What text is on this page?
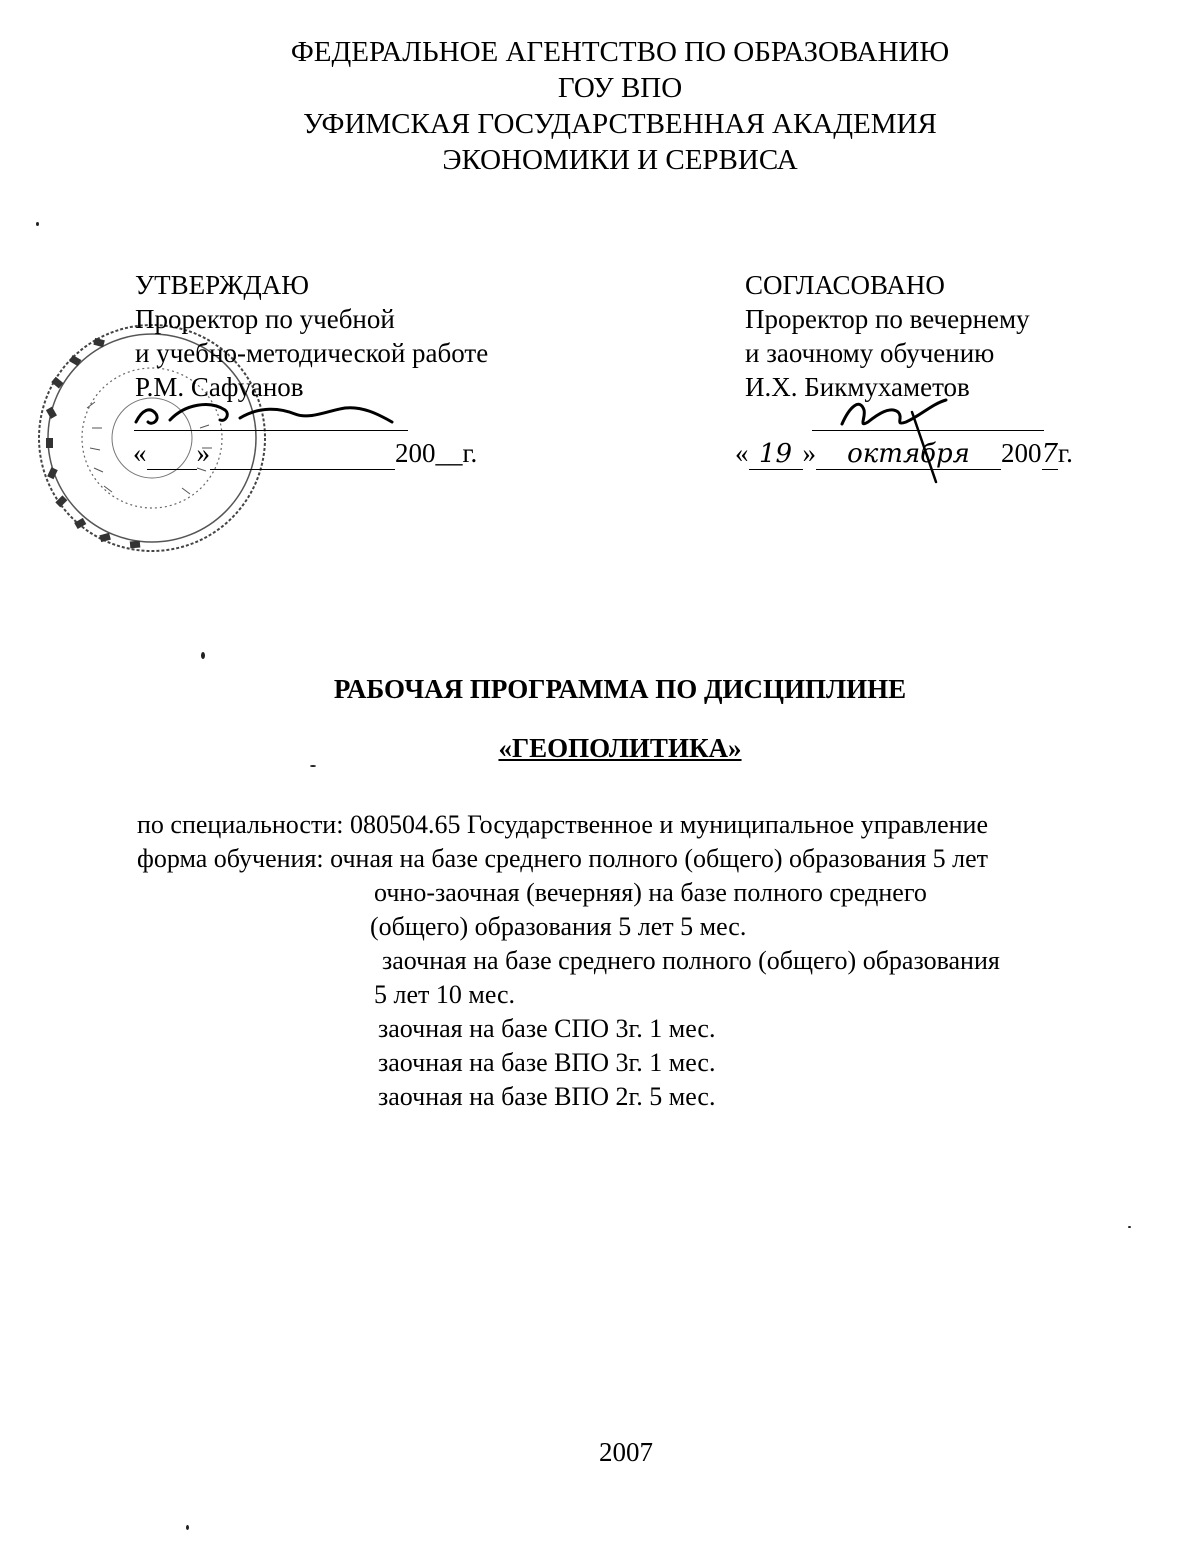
ФЕДЕРАЛЬНОЕ АГЕНТСТВО ПО ОБРАЗОВАНИЮ
ГОУ ВПО
УФИМСКАЯ ГОСУДАРСТВЕННАЯ АКАДЕМИЯ
ЭКОНОМИКИ И СЕРВИСА
УТВЕРЖДАЮ
Проректор по учебной
и учебно-методической работе
Р.М. Сафуанов
« »	200__г.
СОГЛАСОВАНО
Проректор по вечернему
и заочному обучению
И.Х. Бикмухаметов
« 19 » октября 2007г.
РАБОЧАЯ ПРОГРАММА ПО ДИСЦИПЛИНЕ
«ГЕОПОЛИТИКА»
по специальности: 080504.65 Государственное и муниципальное управление
форма обучения: очная на базе среднего полного (общего) образования 5 лет
очно-заочная (вечерняя) на базе полного среднего
(общего) образования 5 лет 5 мес.
заочная на базе среднего полного (общего) образования
5 лет 10 мес.
заочная на базе СПО 3г. 1 мес.
заочная на базе ВПО 3г. 1 мес.
заочная на базе ВПО 2г. 5 мес.
2007
